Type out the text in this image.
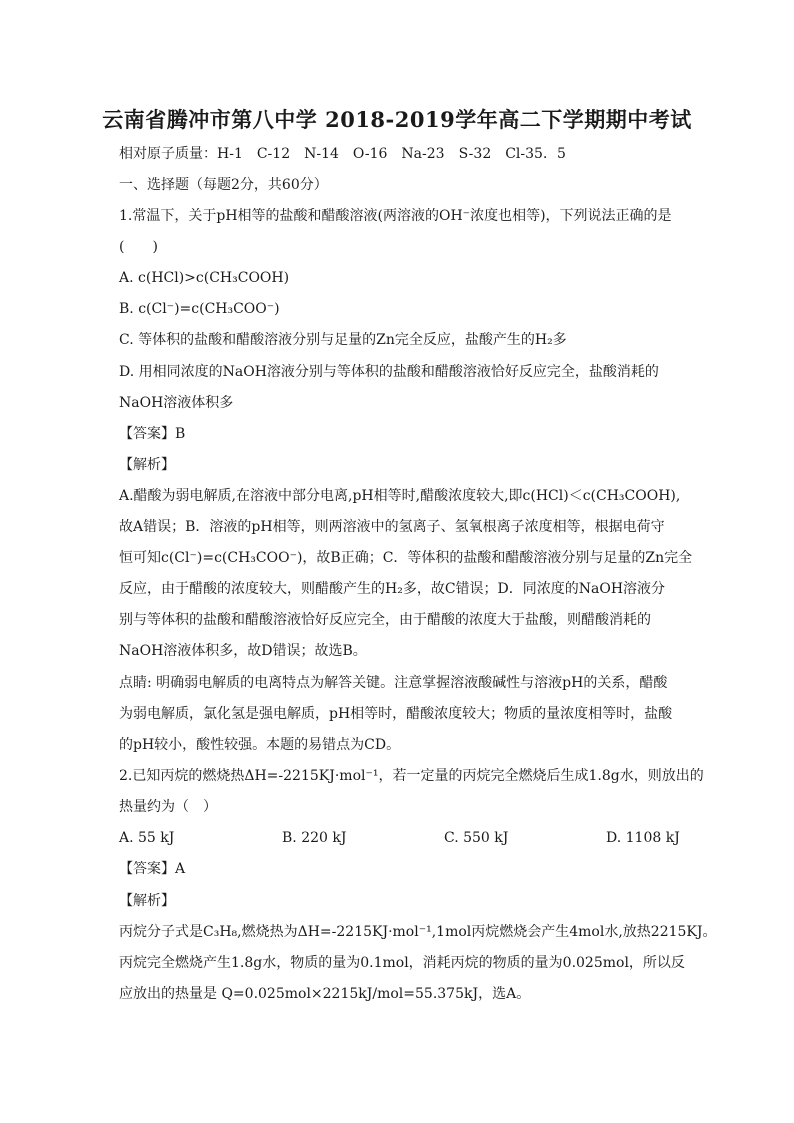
云南省腾冲市第八中学 2018-2019学年高二下学期期中考试
相对原子质量：H-1　C-12　N-14　O-16　Na-23　S-32　Cl-35．5
一、选择题（每题2分，共60分）
1.常温下，关于pH相等的盐酸和醋酸溶液(两溶液的OH⁻浓度也相等)，下列说法正确的是
(　　)
A. c(HCl)>c(CH₃COOH)
B. c(Cl⁻)=c(CH₃COO⁻)
C. 等体积的盐酸和醋酸溶液分别与足量的Zn完全反应，盐酸产生的H₂多
D. 用相同浓度的NaOH溶液分别与等体积的盐酸和醋酸溶液恰好反应完全，盐酸消耗的
NaOH溶液体积多
【答案】B
【解析】
A.醋酸为弱电解质,在溶液中部分电离,pH相等时,醋酸浓度较大,即c(HCl)＜c(CH₃COOH),
故A错误；B．溶液的pH相等，则两溶液中的氢离子、氢氧根离子浓度相等，根据电荷守
恒可知c(Cl⁻)=c(CH₃COO⁻)，故B正确；C．等体积的盐酸和醋酸溶液分别与足量的Zn完全
反应，由于醋酸的浓度较大，则醋酸产生的H₂多，故C错误；D．同浓度的NaOH溶液分
别与等体积的盐酸和醋酸溶液恰好反应完全，由于醋酸的浓度大于盐酸，则醋酸消耗的
NaOH溶液体积多，故D错误；故选B。
点睛: 明确弱电解质的电离特点为解答关键。注意掌握溶液酸碱性与溶液pH的关系，醋酸
为弱电解质，氯化氢是强电解质，pH相等时，醋酸浓度较大；物质的量浓度相等时，盐酸
的pH较小，酸性较强。本题的易错点为CD。
2.已知丙烷的燃烧热ΔH=-2215KJ·mol⁻¹，若一定量的丙烷完全燃烧后生成1.8g水，则放出的
热量约为（　）
A. 55 kJ	B. 220 kJ	C. 550 kJ	D. 1108 kJ
【答案】A
【解析】
丙烷分子式是C₃H₈,燃烧热为ΔH=-2215KJ·mol⁻¹,1mol丙烷燃烧会产生4mol水,放热2215KJ。
丙烷完全燃烧产生1.8g水，物质的量为0.1mol，消耗丙烷的物质的量为0.025mol，所以反
应放出的热量是 Q=0.025mol×2215kJ/mol=55.375kJ，选A。
